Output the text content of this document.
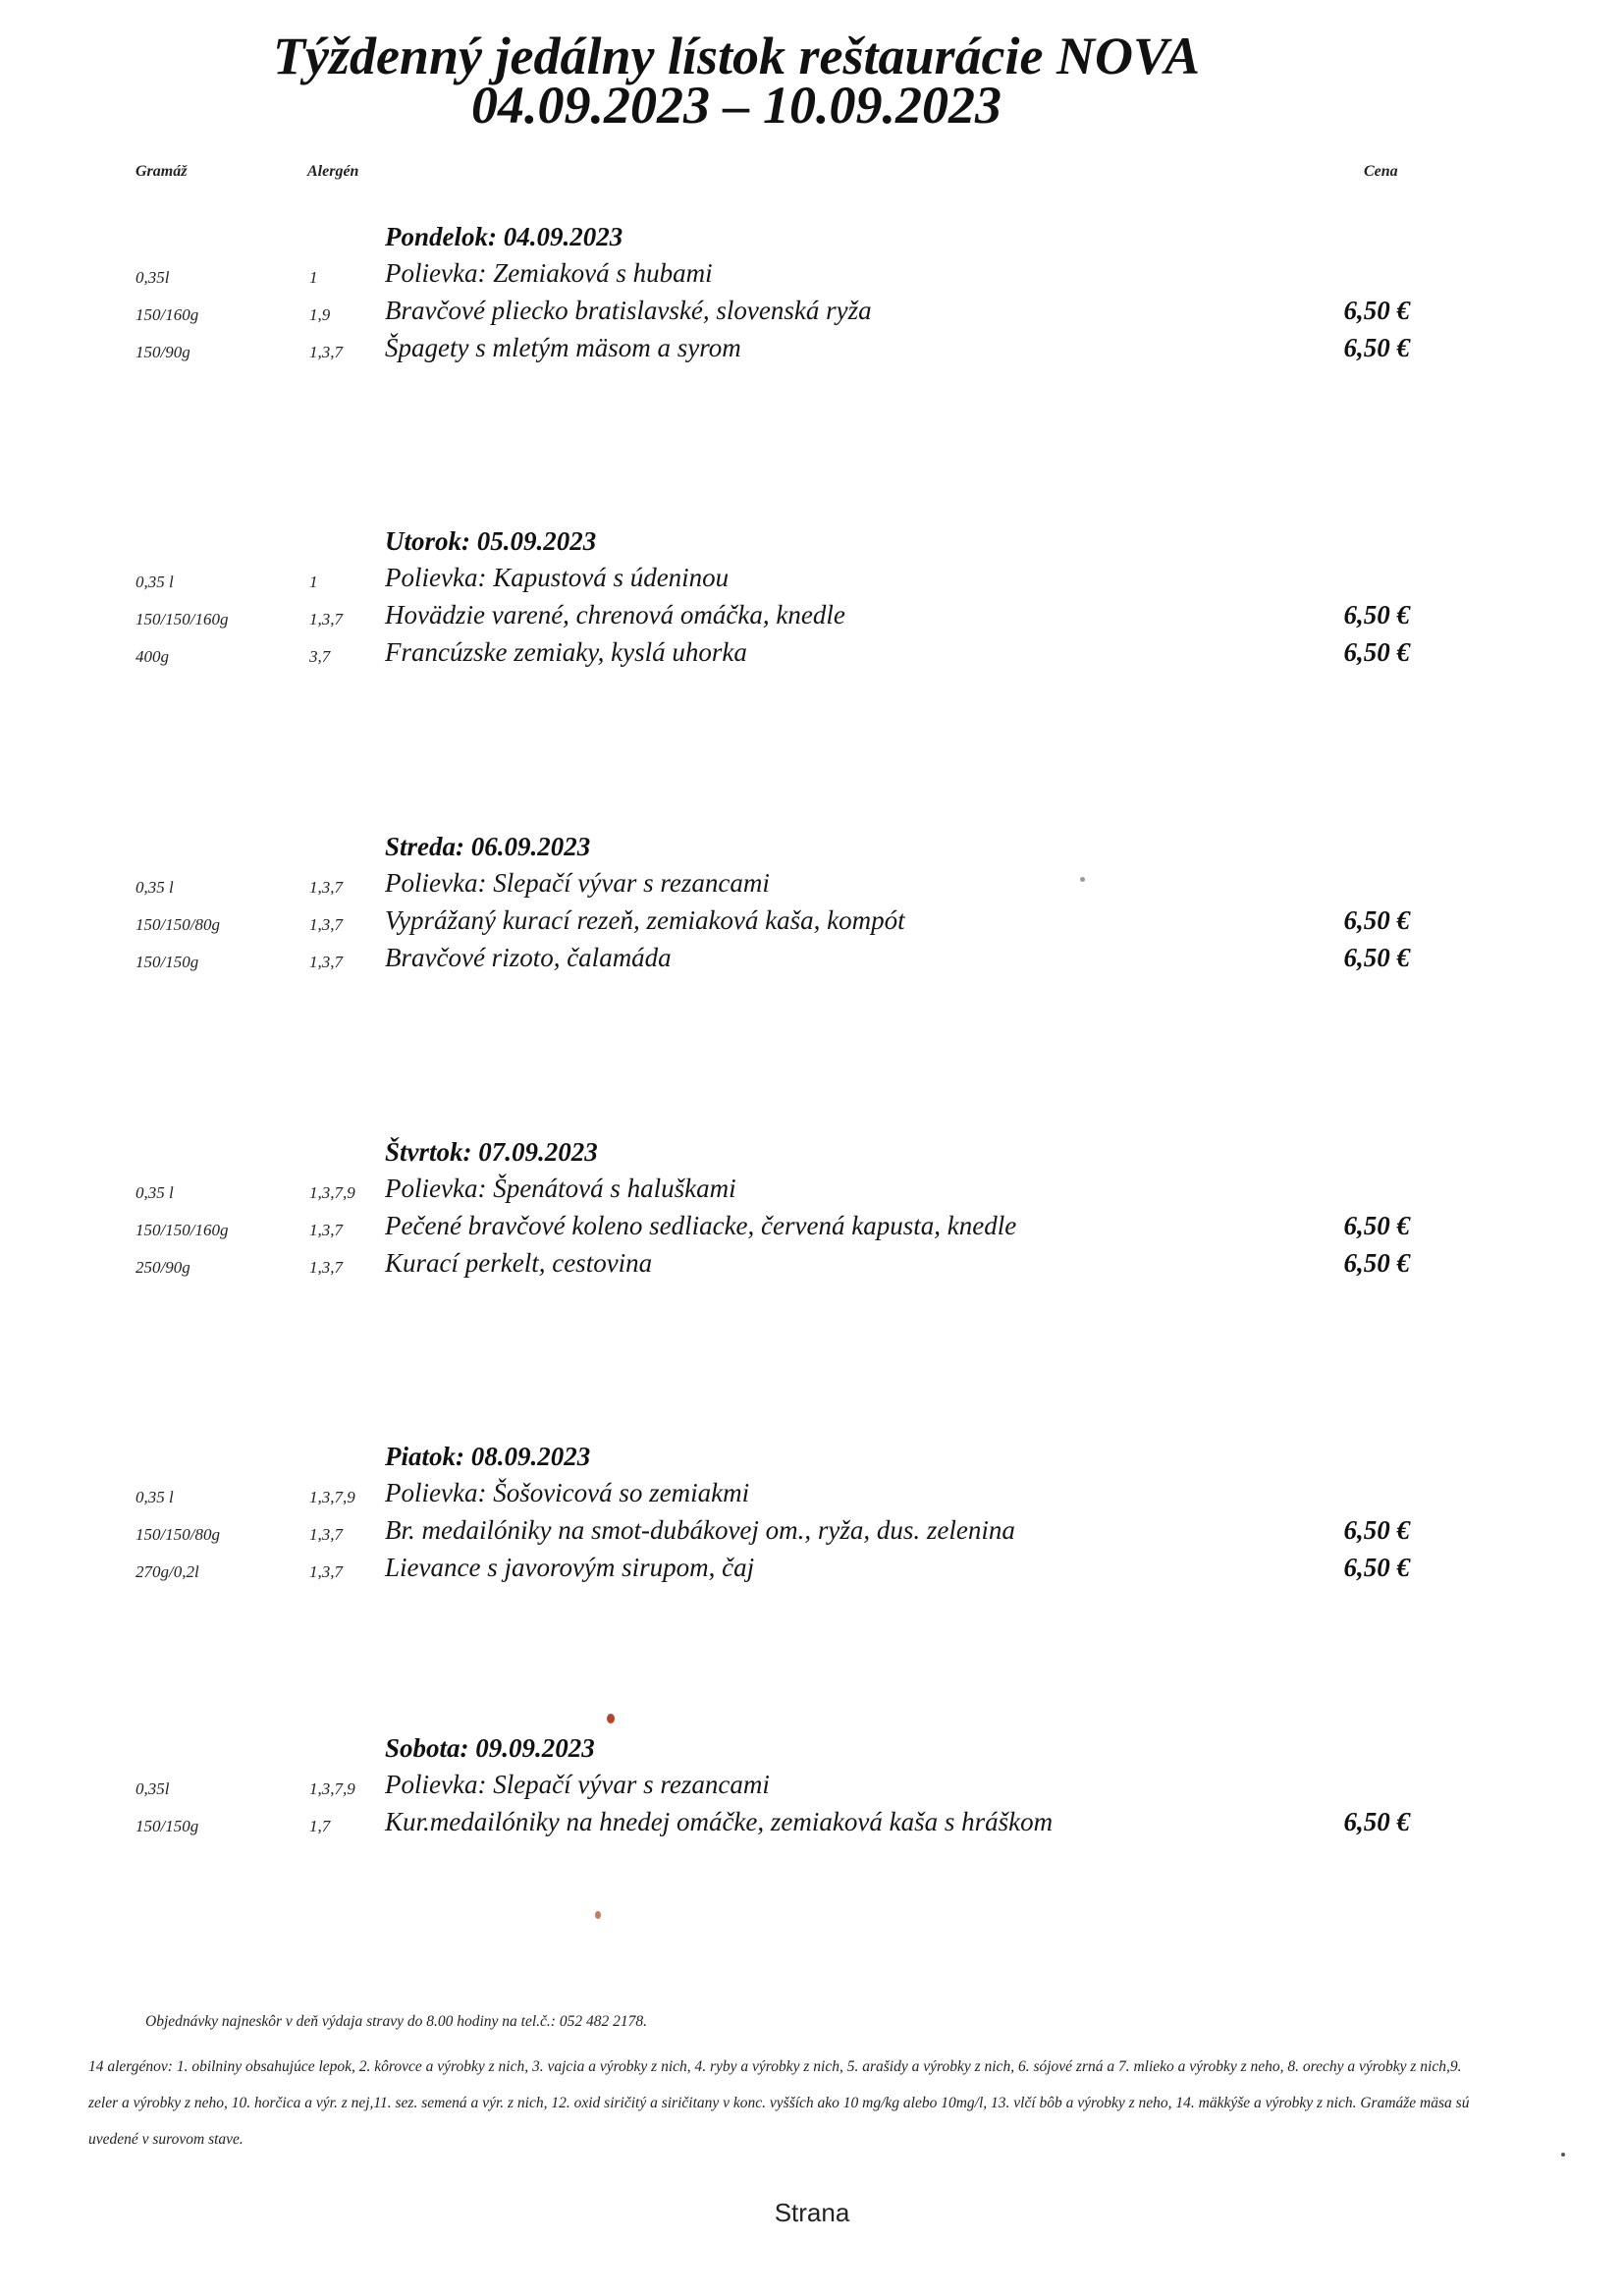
Týždenný jedálny lístok reštaurácie NOVA
04.09.2023 – 10.09.2023
Gramáž	Alergén	Cena
Pondelok: 04.09.2023
0,35l	1	Polievka: Zemiaková s hubami
150/160g	1,9 Bravčové pliecko bratislavské, slovenská ryža	6,50 €
150/90g	1,3,7 Špagety s mletým mäsom a syrom	6,50 €
Utorok: 05.09.2023
0,35 l	1	Polievka: Kapustová s údeninou
150/150/160g	1,3,7 Hovädzie varené, chrenová omáčka, knedle	6,50 €
400g	3,7 Francúzske zemiaky, kyslá uhorka	6,50 €
Streda: 06.09.2023
0,35 l	1,3,7 Polievka: Slepačí vývar s rezancami
150/150/80g	1,3,7 Vyprážaný kurací rezeň, zemiaková kaša, kompót	6,50 €
150/150g	1,3,7 Bravčové rizoto, čalamáda	6,50 €
Štvrtok: 07.09.2023
0,35 l	1,3,7,9 Polievka: Špenátová s haluškami
150/150/160g	1,3,7 Pečené bravčové koleno sedliacke, červená kapusta, knedle	6,50 €
250/90g	1,3,7 Kurací perkelt, cestovina	6,50 €
Piatok: 08.09.2023
0,35 l	1,3,7,9 Polievka: Šošovicová so zemiakmi
150/150/80g	1,3,7 Br. medailóniky na smot-dubákovej om., ryža, dus. zelenina	6,50 €
270g/0,2l	1,3,7 Lievance s javorovým sirupom, čaj	6,50 €
Sobota: 09.09.2023
0,35l	1,3,7,9 Polievka: Slepačí vývar s rezancami
150/150g	1,7 Kur.medailóniky na hnedej omáčke, zemiaková kaša s hráškom	6,50 €
Objednávky najneskôr v deň výdaja stravy do 8.00 hodiny na tel.č.: 052 482 2178.
14 alergénov: 1. obilniny obsahujúce lepok, 2. kôrovce a výrobky z nich, 3. vajcia a výrobky z nich, 4. ryby a výrobky z nich, 5. arašidy a výrobky z nich, 6. sójové zrná a 7. mlieko a výrobky z neho, 8. orechy a výrobky z nich,9. zeler a výrobky z neho, 10. horčica a výr. z nej,11. sez. semená a výr. z nich, 12. oxid siričitý a siričitany v konc. vyšších ako 10 mg/kg alebo 10mg/l, 13. vlčí bôb a výrobky z neho, 14. mäkkýše a výrobky z nich. Gramáže mäsa sú uvedené v surovom stave.
Strana
